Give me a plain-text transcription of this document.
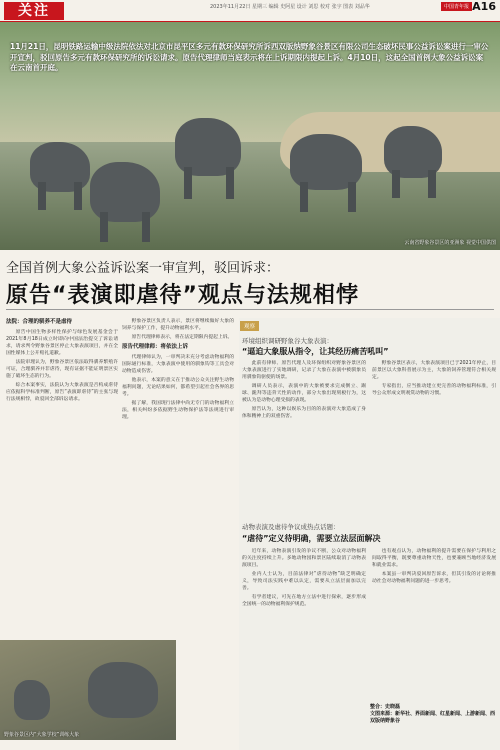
关注	2023年11月22日 星期三 编辑 史阿星 设计 刘思 校对 张宇 图表 刘品华	中国青年报 A16
11月21日，昆明铁路运输中级法院依法对北京市昆平区多元有款环保研究所诉西双版纳野象谷景区有限公司生态破坏民事公益诉讼案进行一审公开宣判，驳回原告多元有款环保研究所的诉讼请求。原告代理律师当庭表示将在上诉期限内提起上诉。4月10日，这起全国首例大象公益诉讼案在云南首开庭。
云南省野象谷景区的亚洲象 视觉中国供图
全国首例大象公益诉讼案一审宣判，驳回诉求：
原告“表演即虐待”观点与法规相悖
法院：合理的驯养不是虐待

原告中国生物多样性保护与绿色发展基金会于2021年8月18日成立时即向中国法治提交了诉讼请求，请求判令野象谷景区停止大象表演项目，并在全国性媒体上公开赔礼道歉。

法院审理认为，野象谷景区依法取得驯养繁殖许可证，合理驯养并非虐待，现有证据不能证明景区实施了破坏生态的行为。

综合本案事实，法院认为大象表演是否构成虐待应依据科学标准判断，原告“表演即虐待”的主张与现行法规相悖，故驳回全部诉讼请求。

野象谷景区负责人表示，景区将继续做好大象的饲养与保护工作，提升动物福利水平。

原告代理律师表示，将在法定期限内提起上诉。

原告代理律师：将依法上诉

代理律师认为，一审判决未充分考虑动物福利的国际通行标准，大象表演中使用的驯象钩等工具会对动物造成伤害。

他表示，本案的意义在于推动公众关注野生动物福利问题，无论结果如何，都希望引起社会各界的思考。

据了解，我国现行法律中尚无专门的动物福利立法，相关纠纷多依据野生动物保护法等法规进行审理。

野象谷景区内“大象学校”训练大象
观察
环境组织调研野象谷大象表演：
“逼迫大象服从指令，让其经历痛苦吼叫”

此前有律师、原告代理人及环保组织对野象谷景区的大象表演进行了实地调研，记录了大象在表演中被驯象员用驯象钩驱使的场景。

调研人员表示，表演中的大象被要求完成倒立、踢球、跪拜等违背天性的动作，部分大象出现刻板行为，这被认为是动物心理受损的表现。

原告认为，这种以娱乐为目的的表演对大象造成了身体和精神上的双重伤害。

野象谷景区表示，大象表演项目已于2021年停止，目前景区以大象科普展示为主，大象的饲养管理符合相关规定。

专家指出，应当推动建立更完善的动物福利标准，引导公众形成文明观赏动物的习惯。

动物表演及虐待争议成热点话题：
“虐待”定义待明确，需要立法层面解决

近年来，动物表演引发的争议不断，公众对动物福利的关注度持续上升。多地动物园和景区陆续取消了动物表演项目。

业内人士认为，目前法律对“虐待动物”缺乏明确定义，导致司法实践中难以认定，需要从立法层面加以完善。

有学者建议，可先在地方立法中进行探索，逐步形成全国统一的动物福利保护规范。

也有观点认为，动物福利的提升需要在保护与利用之间取得平衡，既要尊重动物天性，也要兼顾当地经济发展和就业需求。

本案虽一审判决驳回原告诉求，但其引发的讨论将推动社会对动物福利问题的进一步思考。

整合：史晓磊
文图来源：新华社、界面新闻、红星新闻、上游新闻、西双版纳野象谷
